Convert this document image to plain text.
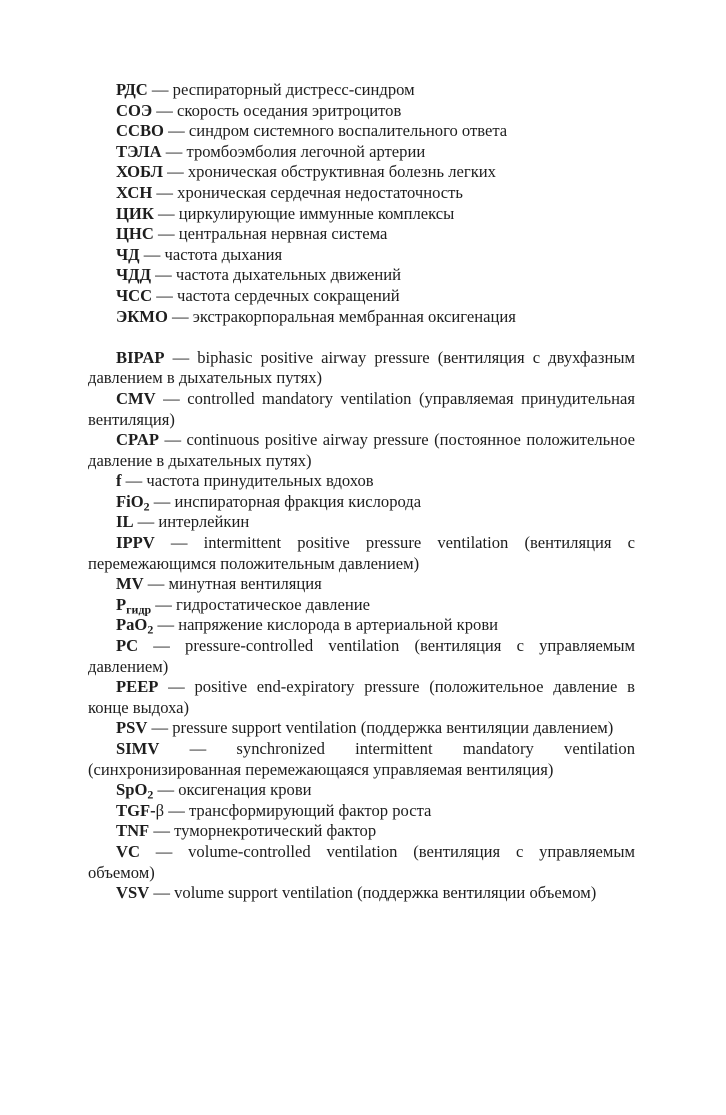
РДС — респираторный дистресс-синдром

СОЭ — скорость оседания эритроцитов

ССВО — синдром системного воспалительного ответа

ТЭЛА — тромбоэмболия легочной артерии

ХОБЛ — хроническая обструктивная болезнь легких

ХСН — хроническая сердечная недостаточность

ЦИК — циркулирующие иммунные комплексы

ЦНС — центральная нервная система

ЧД — частота дыхания

ЧДД — частота дыхательных движений

ЧСС — частота сердечных сокращений

ЭКМО — экстракорпоральная мембранная оксигенация

BIPAP — biphasic positive airway pressure (вентиляция с двухфазным давлением в дыхательных путях)

CMV — controlled mandatory ventilation (управляемая принудительная вентиляция)

CPAP — continuous positive airway pressure (постоянное положительное давление в дыхательных путях)

f — частота принудительных вдохов

FiO$_2$ — инспираторная фракция кислорода

IL — интерлейкин

IPPV — intermittent positive pressure ventilation (вентиляция с перемежающимся положительным давлением)

MV — минутная вентиляция

$P_{гидр}$ — гидростатическое давление

PaO$_2$ — напряжение кислорода в артериальной крови

PC — pressure-controlled ventilation (вентиляция с управляемым давлением)

PEEP — positive end-expiratory pressure (положительное давление в конце выдоха)

PSV — pressure support ventilation (поддержка вентиляции давлением)

SIMV — synchronized intermittent mandatory ventilation (синхронизированная перемежающаяся управляемая вентиляция)

SpO$_2$ — оксигенация крови

TGF-β — трансформирующий фактор роста

TNF — туморнекротический фактор

VC — volume-controlled ventilation (вентиляция с управляемым объемом)

VSV — volume support ventilation (поддержка вентиляции объемом)
